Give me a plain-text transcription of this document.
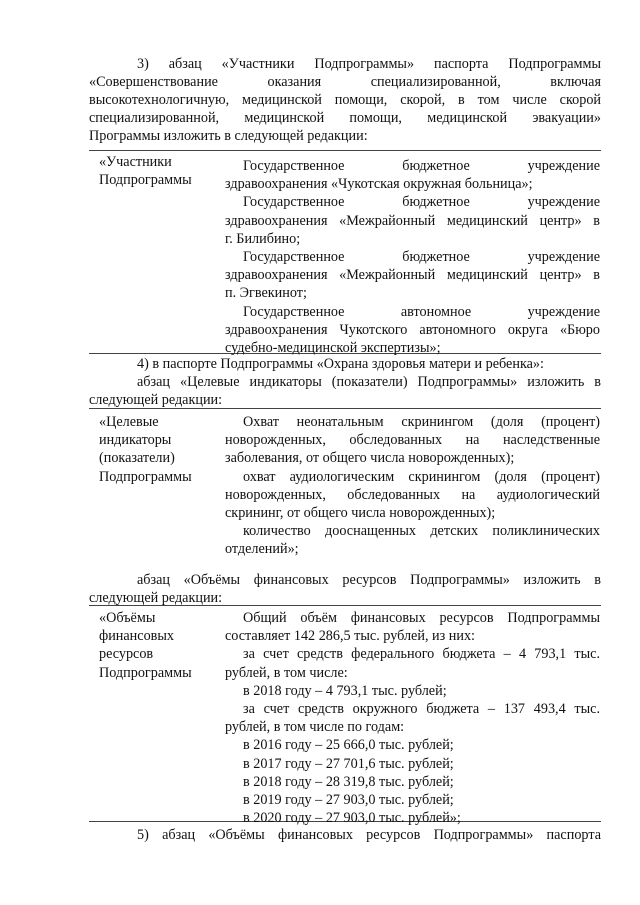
3) абзац «Участники Подпрограммы» паспорта Подпрограммы

«Совершенствование оказания специализированной, включая

высокотехнологичную, медицинской помощи, скорой, в том числе скорой

специализированной, медицинской помощи, медицинской эвакуации»

Программы изложить в следующей редакции:

«Участники
Подпрограммы
Государственное бюджетное учреждение
здравоохранения «Чукотская окружная больница»;
Государственное бюджетное учреждение
здравоохранения «Межрайонный медицинский центр» в
г. Билибино;
Государственное бюджетное учреждение
здравоохранения «Межрайонный медицинский центр» в
п. Эгвекинот;
Государственное автономное учреждение
здравоохранения Чукотского автономного округа «Бюро
судебно-медицинской экспертизы»;

4) в паспорте Подпрограммы «Охрана здоровья матери и ребенка»:

абзац «Целевые индикаторы (показатели) Подпрограммы» изложить в

следующей редакции:

«Целевые
индикаторы
(показатели)
Подпрограммы
Охват неонатальным скринингом (доля (процент)
новорожденных, обследованных на наследственные
заболевания, от общего числа новорожденных);
охват аудиологическим скринингом (доля (процент)
новорожденных, обследованных на аудиологический
скрининг, от общего числа новорожденных);
количество дооснащенных детских поликлинических
отделений»;

абзац «Объёмы финансовых ресурсов Подпрограммы» изложить в

следующей редакции:

«Объёмы
финансовых
ресурсов
Подпрограммы
Общий объём финансовых ресурсов Подпрограммы
составляет 142 286,5 тыс. рублей, из них:
за счет средств федерального бюджета – 4 793,1 тыс.
рублей, в том числе:
в 2018 году – 4 793,1 тыс. рублей;
за счет средств окружного бюджета – 137 493,4 тыс.
рублей, в том числе по годам:
в 2016 году – 25 666,0 тыс. рублей;
в 2017 году – 27 701,6 тыс. рублей;
в 2018 году – 28 319,8 тыс. рублей;
в 2019 году – 27 903,0 тыс. рублей;
в 2020 году – 27 903,0 тыс. рублей»;

5) абзац «Объёмы финансовых ресурсов Подпрограммы» паспорта
